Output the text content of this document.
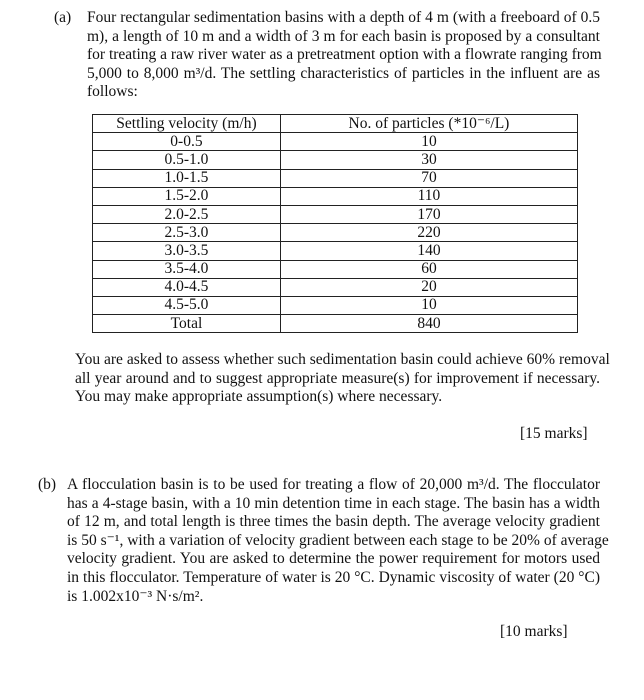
(a) Four rectangular sedimentation basins with a depth of 4 m (with a freeboard of 0.5
m), a length of 10 m and a width of 3 m for each basin is proposed by a consultant
for treating a raw river water as a pretreatment option with a flowrate ranging from
5,000 to 8,000 m³/d. The settling characteristics of particles in the influent are as
follows:
Settling velocity (m/h)	No. of particles (*10⁻⁶/L)
0-0.5	10
0.5-1.0	30
1.0-1.5	70
1.5-2.0	110
2.0-2.5	170
2.5-3.0	220
3.0-3.5	140
3.5-4.0	60
4.0-4.5	20
4.5-5.0	10
Total	840
You are asked to assess whether such sedimentation basin could achieve 60% removal
all year around and to suggest appropriate measure(s) for improvement if necessary.
You may make appropriate assumption(s) where necessary.
[15 marks]
(b) A flocculation basin is to be used for treating a flow of 20,000 m³/d. The flocculator
has a 4-stage basin, with a 10 min detention time in each stage. The basin has a width
of 12 m, and total length is three times the basin depth. The average velocity gradient
is 50 s⁻¹, with a variation of velocity gradient between each stage to be 20% of average
velocity gradient. You are asked to determine the power requirement for motors used
in this flocculator. Temperature of water is 20 °C. Dynamic viscosity of water (20 °C)
is 1.002x10⁻³ N·s/m².
[10 marks]
